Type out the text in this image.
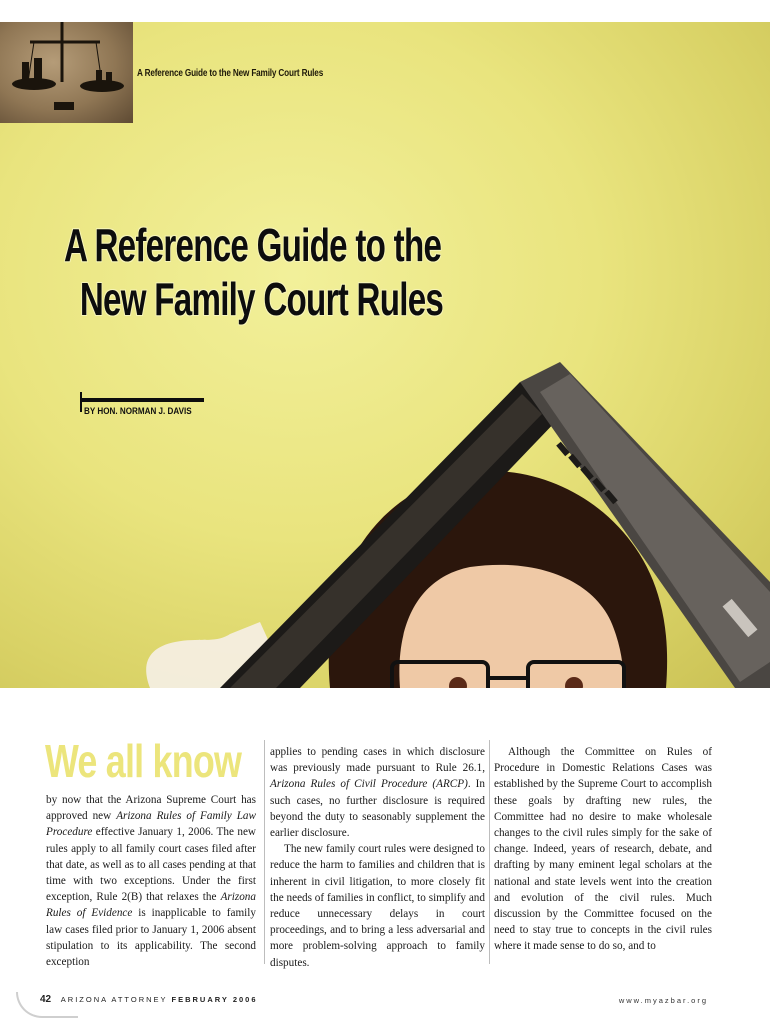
A Reference Guide to the New Family Court Rules
A Reference Guide to the
New Family Court Rules
BY HON. NORMAN J. DAVIS
We all know

by now that the Arizona Supreme Court has approved new Arizona Rules of Family Law Procedure effective January 1, 2006. The new rules apply to all family court cases filed after that date, as well as to all cases pending at that time with two exceptions. Under the first exception, Rule 2(B) that relaxes the Arizona Rules of Evidence is inapplicable to family law cases filed prior to January 1, 2006 absent stipulation to its applicability. The second exception

applies to pending cases in which disclosure was previously made pursuant to Rule 26.1, Arizona Rules of Civil Procedure (ARCP). In such cases, no further disclosure is required beyond the duty to seasonably supplement the earlier disclosure.

The new family court rules were designed to reduce the harm to families and children that is inherent in civil litigation, to more closely fit the needs of families in conflict, to simplify and reduce unnecessary delays in court proceedings, and to bring a less adversarial and more problem-solving approach to family disputes.

Although the Committee on Rules of Procedure in Domestic Relations Cases was established by the Supreme Court to accomplish these goals by drafting new rules, the Committee had no desire to make wholesale changes to the civil rules simply for the sake of change. Indeed, years of research, debate, and drafting by many eminent legal scholars at the national and state levels went into the creation and evolution of the civil rules. Much discussion by the Committee focused on the need to stay true to concepts in the civil rules where it made sense to do so, and to

42 ARIZONA ATTORNEY FEBRUARY 2006	www.myazbar.org
